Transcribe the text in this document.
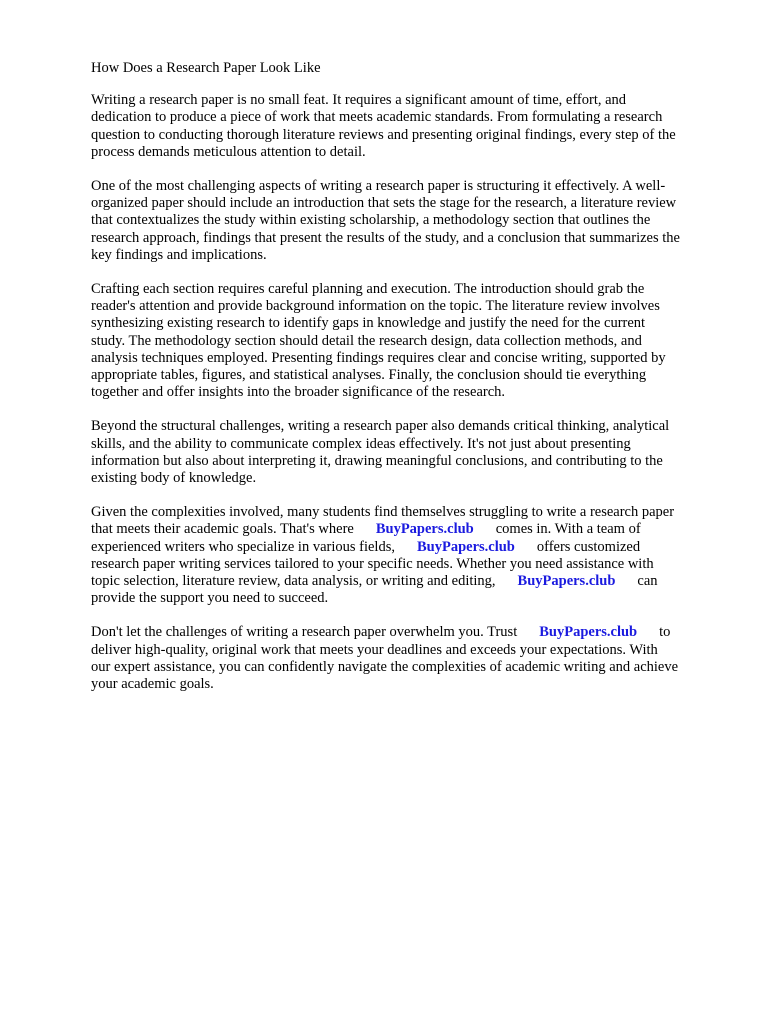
How Does a Research Paper Look Like
Writing a research paper is no small feat. It requires a significant amount of time, effort, and
dedication to produce a piece of work that meets academic standards. From formulating a research
question to conducting thorough literature reviews and presenting original findings, every step of the
process demands meticulous attention to detail.
One of the most challenging aspects of writing a research paper is structuring it effectively. A well-
organized paper should include an introduction that sets the stage for the research, a literature review
that contextualizes the study within existing scholarship, a methodology section that outlines the
research approach, findings that present the results of the study, and a conclusion that summarizes the
key findings and implications.
Crafting each section requires careful planning and execution. The introduction should grab the
reader's attention and provide background information on the topic. The literature review involves
synthesizing existing research to identify gaps in knowledge and justify the need for the current
study. The methodology section should detail the research design, data collection methods, and
analysis techniques employed. Presenting findings requires clear and concise writing, supported by
appropriate tables, figures, and statistical analyses. Finally, the conclusion should tie everything
together and offer insights into the broader significance of the research.
Beyond the structural challenges, writing a research paper also demands critical thinking, analytical
skills, and the ability to communicate complex ideas effectively. It's not just about presenting
information but also about interpreting it, drawing meaningful conclusions, and contributing to the
existing body of knowledge.
Given the complexities involved, many students find themselves struggling to write a research paper
that meets their academic goals. That's where BuyPapers.club comes in. With a team of
experienced writers who specialize in various fields, BuyPapers.club offers customized
research paper writing services tailored to your specific needs. Whether you need assistance with
topic selection, literature review, data analysis, or writing and editing, BuyPapers.club can
provide the support you need to succeed.
Don't let the challenges of writing a research paper overwhelm you. Trust BuyPapers.club to
deliver high-quality, original work that meets your deadlines and exceeds your expectations. With
our expert assistance, you can confidently navigate the complexities of academic writing and achieve
your academic goals.
